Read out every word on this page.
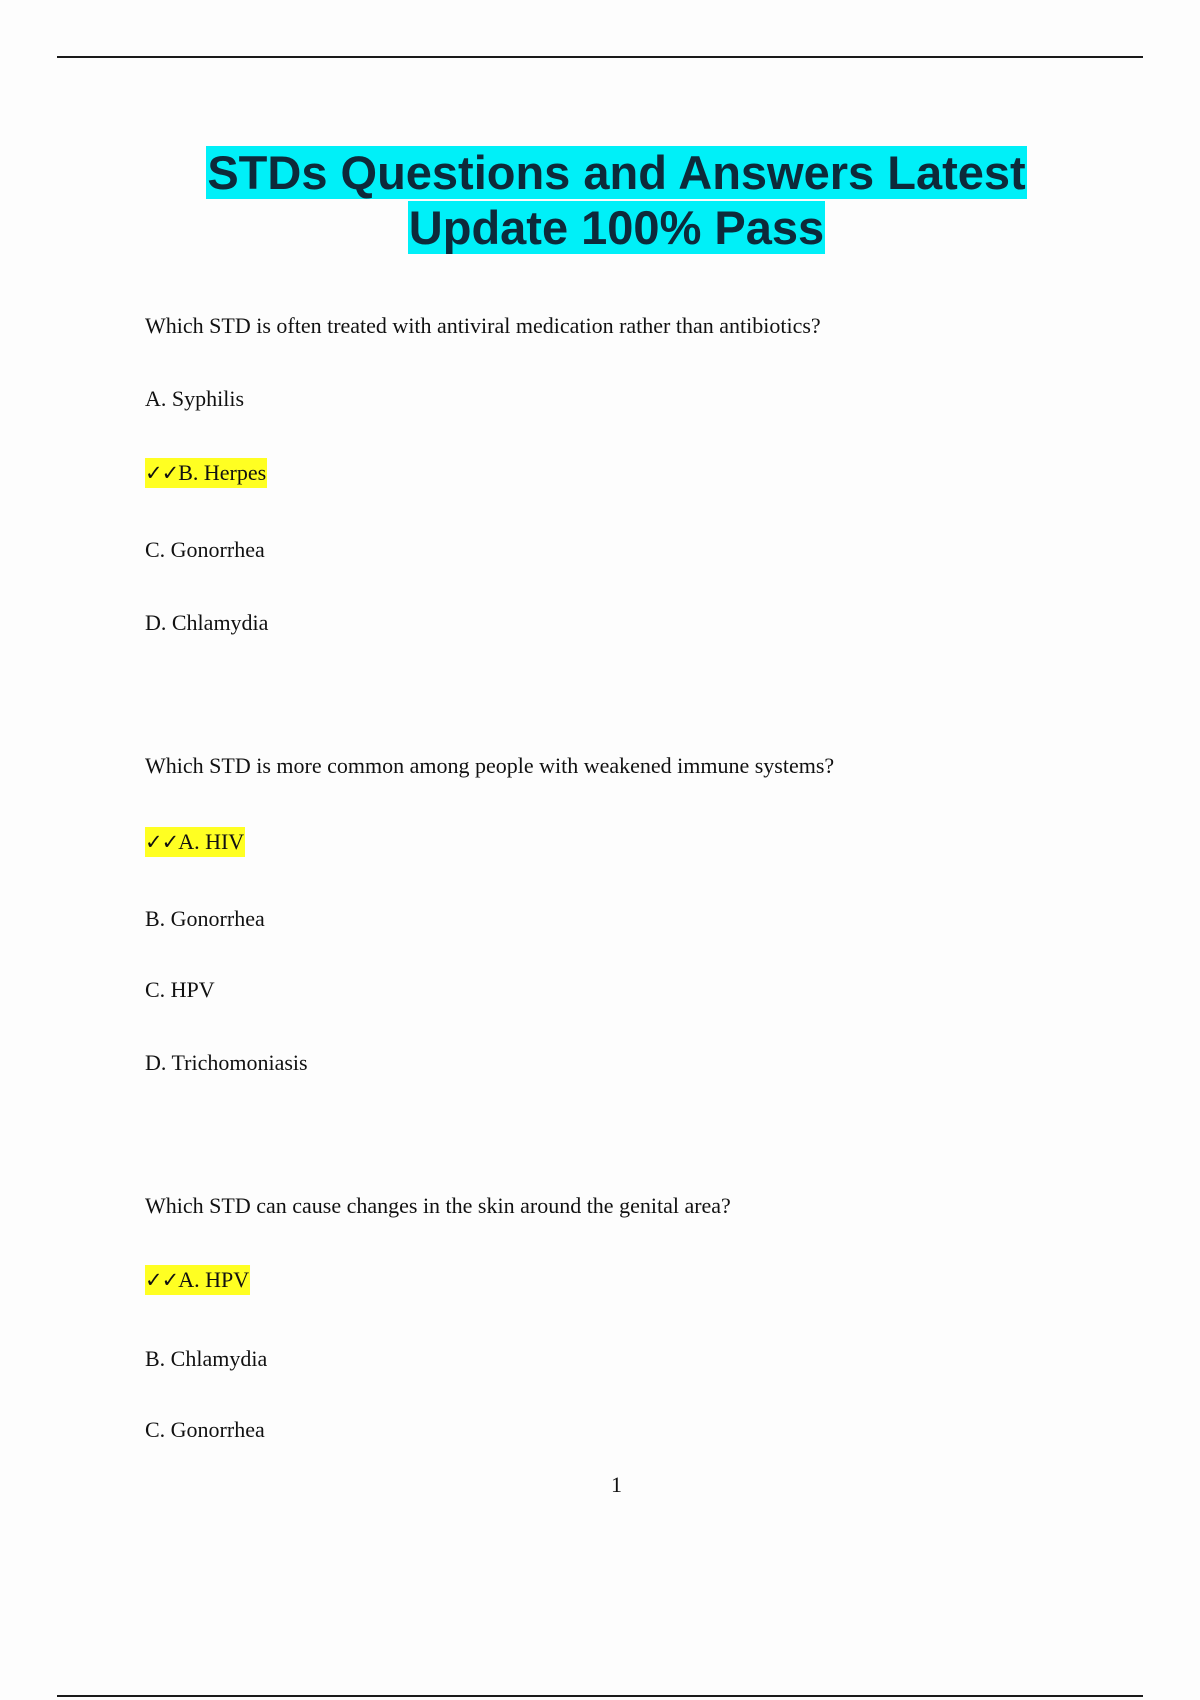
STDs Questions and Answers Latest
Update 100% Pass
Which STD is often treated with antiviral medication rather than antibiotics?
A. Syphilis
✓✓B. Herpes
C. Gonorrhea
D. Chlamydia
Which STD is more common among people with weakened immune systems?
✓✓A. HIV
B. Gonorrhea
C. HPV
D. Trichomoniasis
Which STD can cause changes in the skin around the genital area?
✓✓A. HPV
B. Chlamydia
C. Gonorrhea
1
